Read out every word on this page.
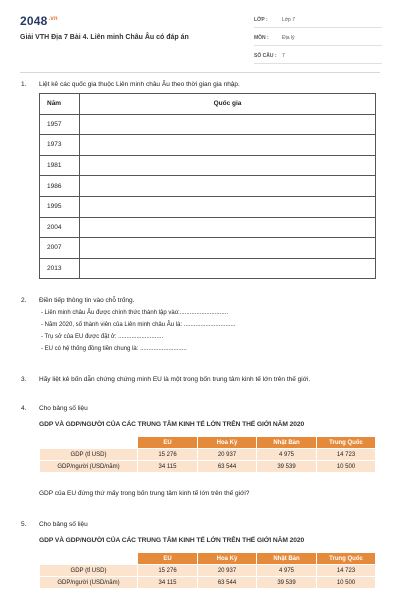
$2048^{.vn}$
Giải VTH Địa 7 Bài 4. Liên minh Châu Âu có đáp án
LỚP :	Lớp 7
MÔN :	Địa lý
SỐ CÂU :	7
1.	Liệt kê các quốc gia thuộc Liên minh châu Âu theo thời gian gia nhập.
Năm	Quốc gia
1957	
1973	
1981	
1986	
1995	
2004	
2007	
2013	
2.	Điền tiếp thông tin vào chỗ trống.
- Liên minh châu Âu được chính thức thành lập vào:.............................
- Năm 2020, số thành viên của Liên minh châu Âu là: ...............................
- Trụ sở của EU được đặt ở: ...........................
- EU có hệ thống đồng tiền chung là: ............................
3.	Hãy liệt kê bốn dẫn chứng chứng minh EU là một trong bốn trung tâm kinh tế lớn trên thế giới.
4.	Cho bảng số liệu
GDP VÀ GDP/NGƯỜI CỦA CÁC TRUNG TÂM KINH TẾ LỚN TRÊN THẾ GIỚI NĂM 2020
	EU	Hoa Kỳ	Nhật Bản	Trung Quốc
GDP (tỉ USD)	15 276	20 937	4 975	14 723
GDP/người (USD/năm)	34 115	63 544	39 539	10 500
GDP của EU đứng thứ mấy trong bốn trung tâm kinh tế lớn trên thế giới?
5.	Cho bảng số liệu
GDP VÀ GDP/NGƯỜI CỦA CÁC TRUNG TÂM KINH TẾ LỚN TRÊN THẾ GIỚI NĂM 2020
	EU	Hoa Kỳ	Nhật Bản	Trung Quốc
GDP (tỉ USD)	15 276	20 937	4 975	14 723
GDP/người (USD/năm)	34 115	63 544	39 539	10 500
